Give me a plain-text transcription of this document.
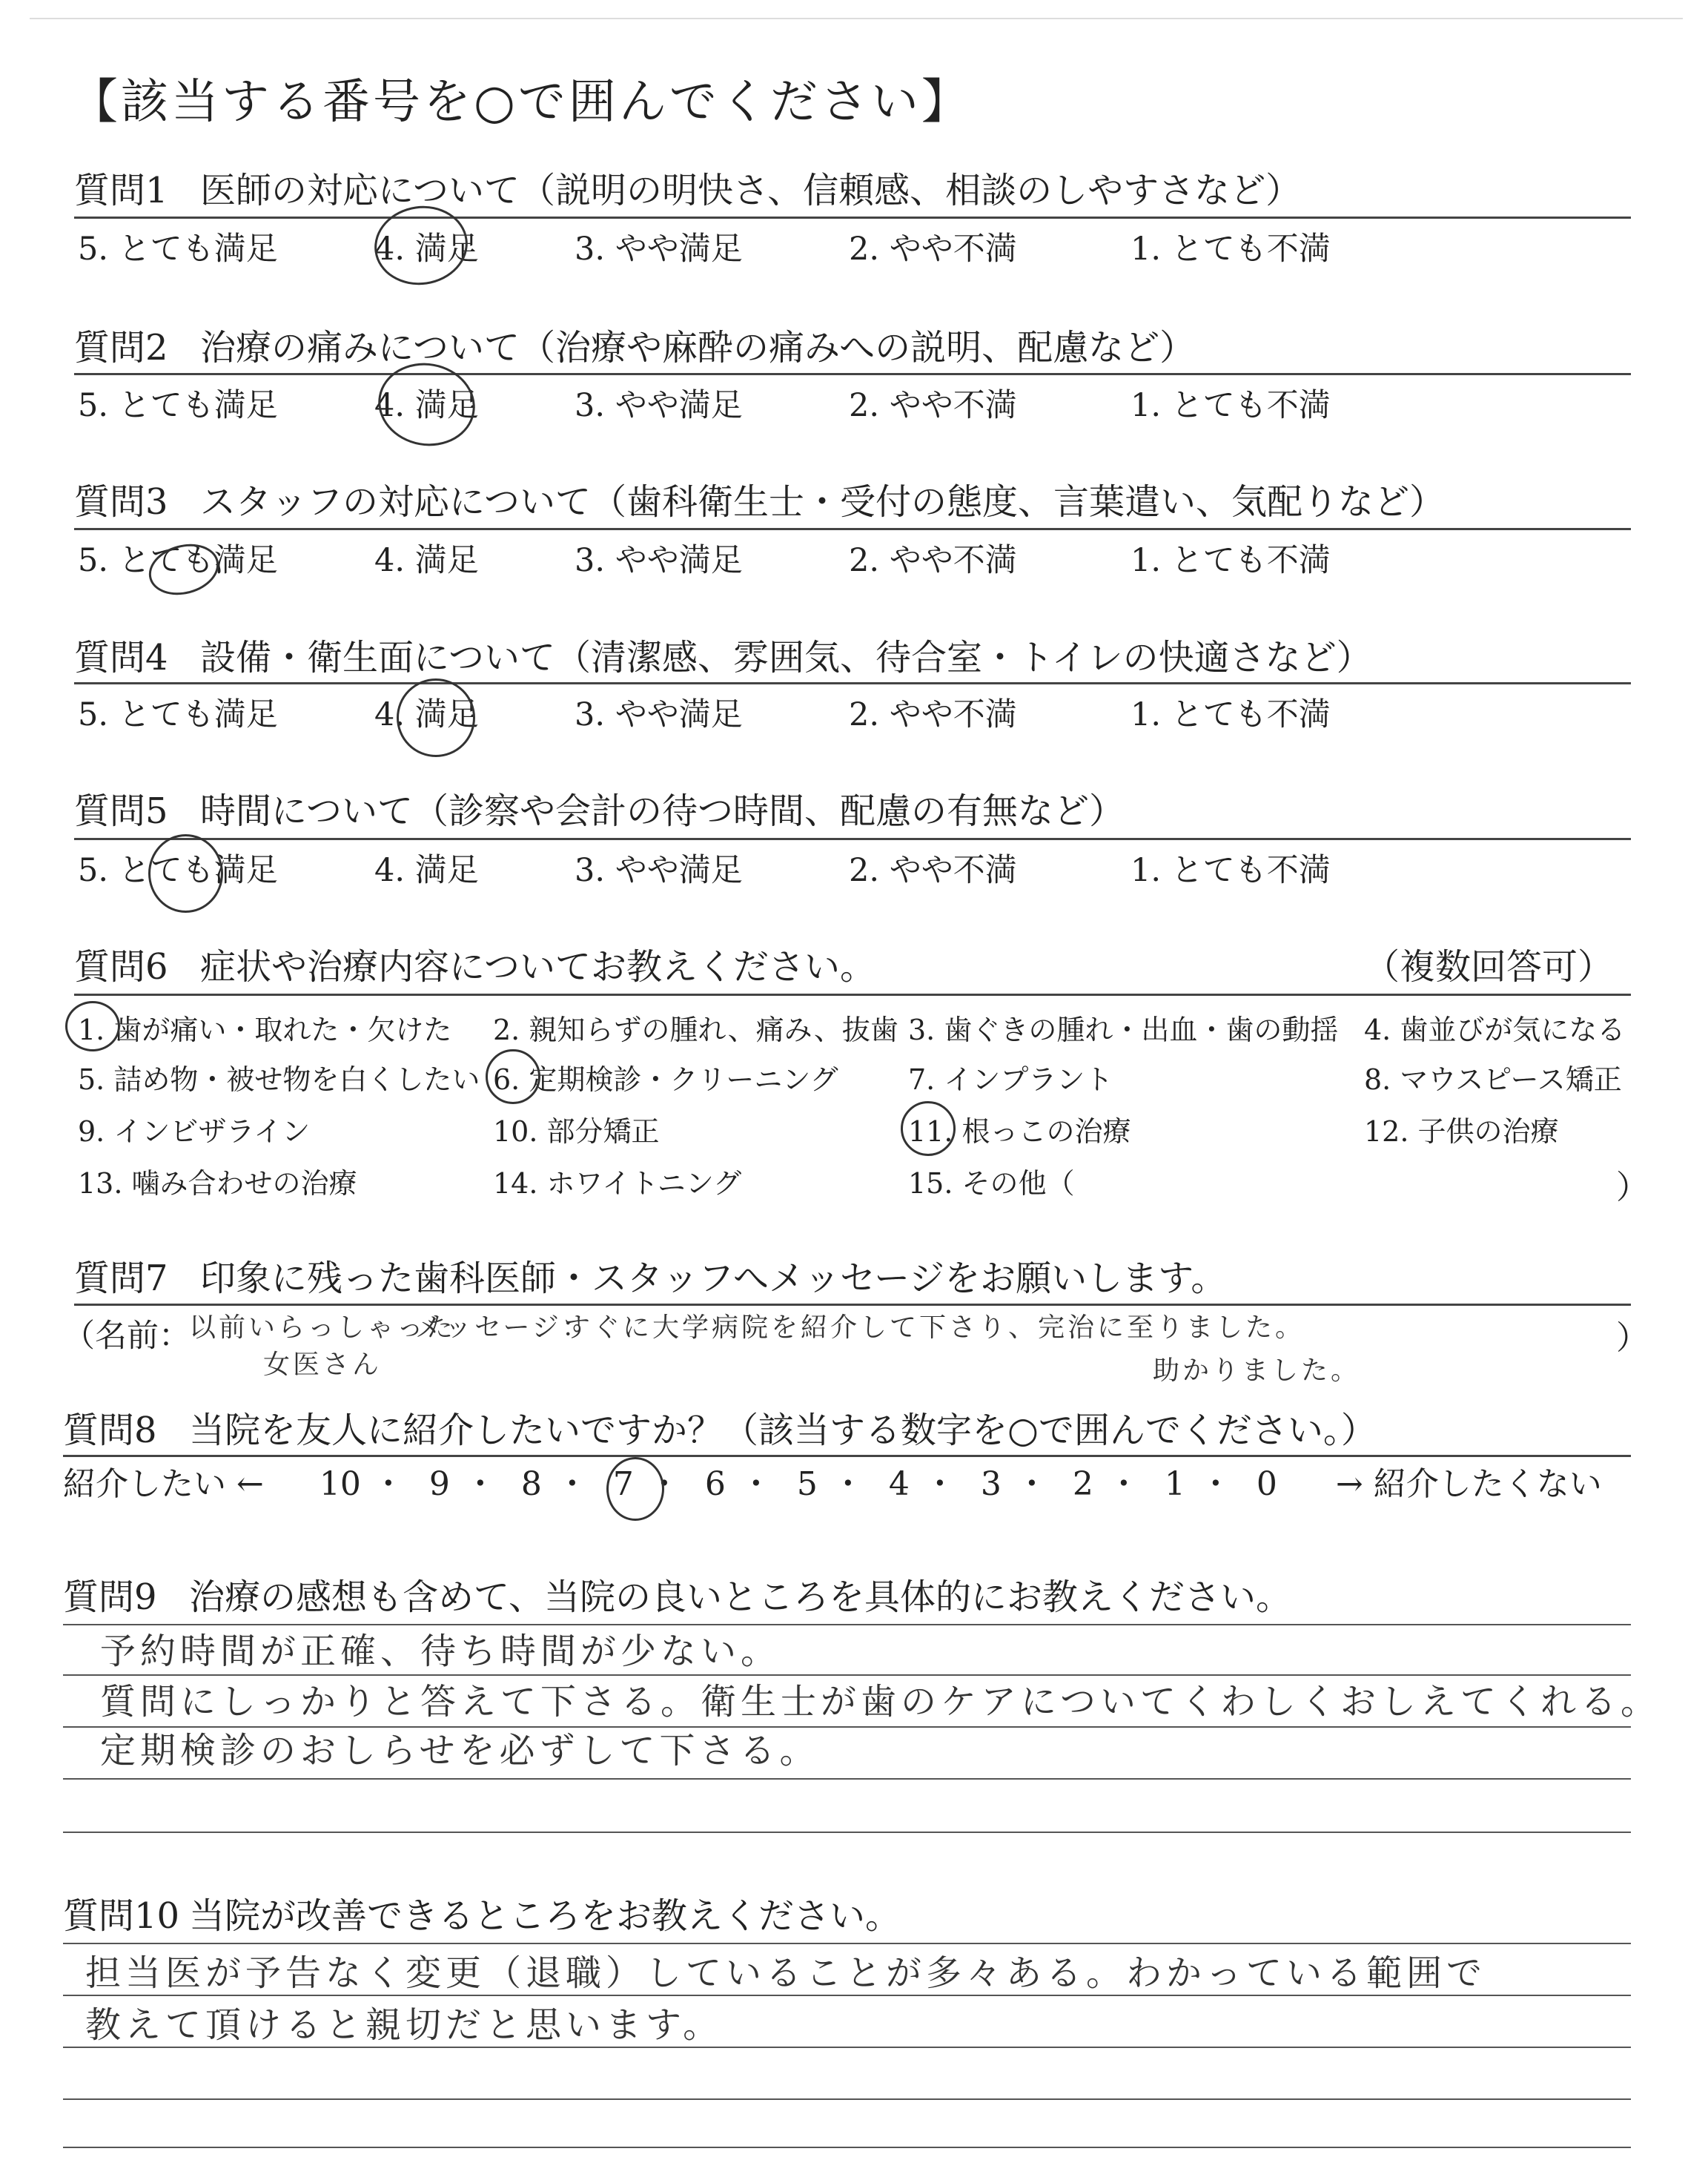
【該当する番号を○で囲んでください】
質問1 医師の対応について（説明の明快さ、信頼感、相談のしやすさなど）
5. とても満足	4. 満足	3. やや満足	2. やや不満	1. とても不満
質問2 治療の痛みについて（治療や麻酔の痛みへの説明、配慮など）
5. とても満足	4. 満足	3. やや満足	2. やや不満	1. とても不満
質問3 スタッフの対応について（歯科衛生士・受付の態度、言葉遣い、気配りなど）
5. とても満足	4. 満足	3. やや満足	2. やや不満	1. とても不満
質問4 設備・衛生面について（清潔感、雰囲気、待合室・トイレの快適さなど）
5. とても満足	4. 満足	3. やや満足	2. やや不満	1. とても不満
質問5 時間について（診察や会計の待つ時間、配慮の有無など）
5. とても満足	4. 満足	3. やや満足	2. やや不満	1. とても不満
質問6 症状や治療内容についてお教えください。	（複数回答可）
1. 歯が痛い・取れた・欠けた 2. 親知らずの腫れ、痛み、抜歯 3. 歯ぐきの腫れ・出血・歯の動揺 4. 歯並びが気になる
5. 詰め物・被せ物を白くしたい 6. 定期検診・クリーニング 7. インプラント	8. マウスピース矯正
9. インビザライン	10. 部分矯正	11. 根っこの治療	12. 子供の治療
13. 噛み合わせの治療	14. ホワイトニング	15. その他（	）
質問7 印象に残った歯科医師・スタッフへメッセージをお願いします。
（名前：
以前いらっしゃった
女医さん
メッセージ：
すぐに大学病院を紹介して下さり、完治に至りました。
助かりました。
）
質問8 当院を友人に紹介したいですか？（該当する数字を○で囲んでください。）
紹介したい ← 10 ・ 9 ・ 8 ・ 7 ・ 6 ・ 5 ・ 4 ・ 3 ・ 2 ・ 1 ・ 0 → 紹介したくない
質問9 治療の感想も含めて、当院の良いところを具体的にお教えください。
予約時間が正確、待ち時間が少ない。
質問にしっかりと答えて下さる。衛生士が歯のケアについてくわしくおしえてくれる。
定期検診のおしらせを必ずして下さる。
質問10 当院が改善できるところをお教えください。
担当医が予告なく変更（退職）していることが多々ある。わかっている範囲で
教えて頂けると親切だと思います。
